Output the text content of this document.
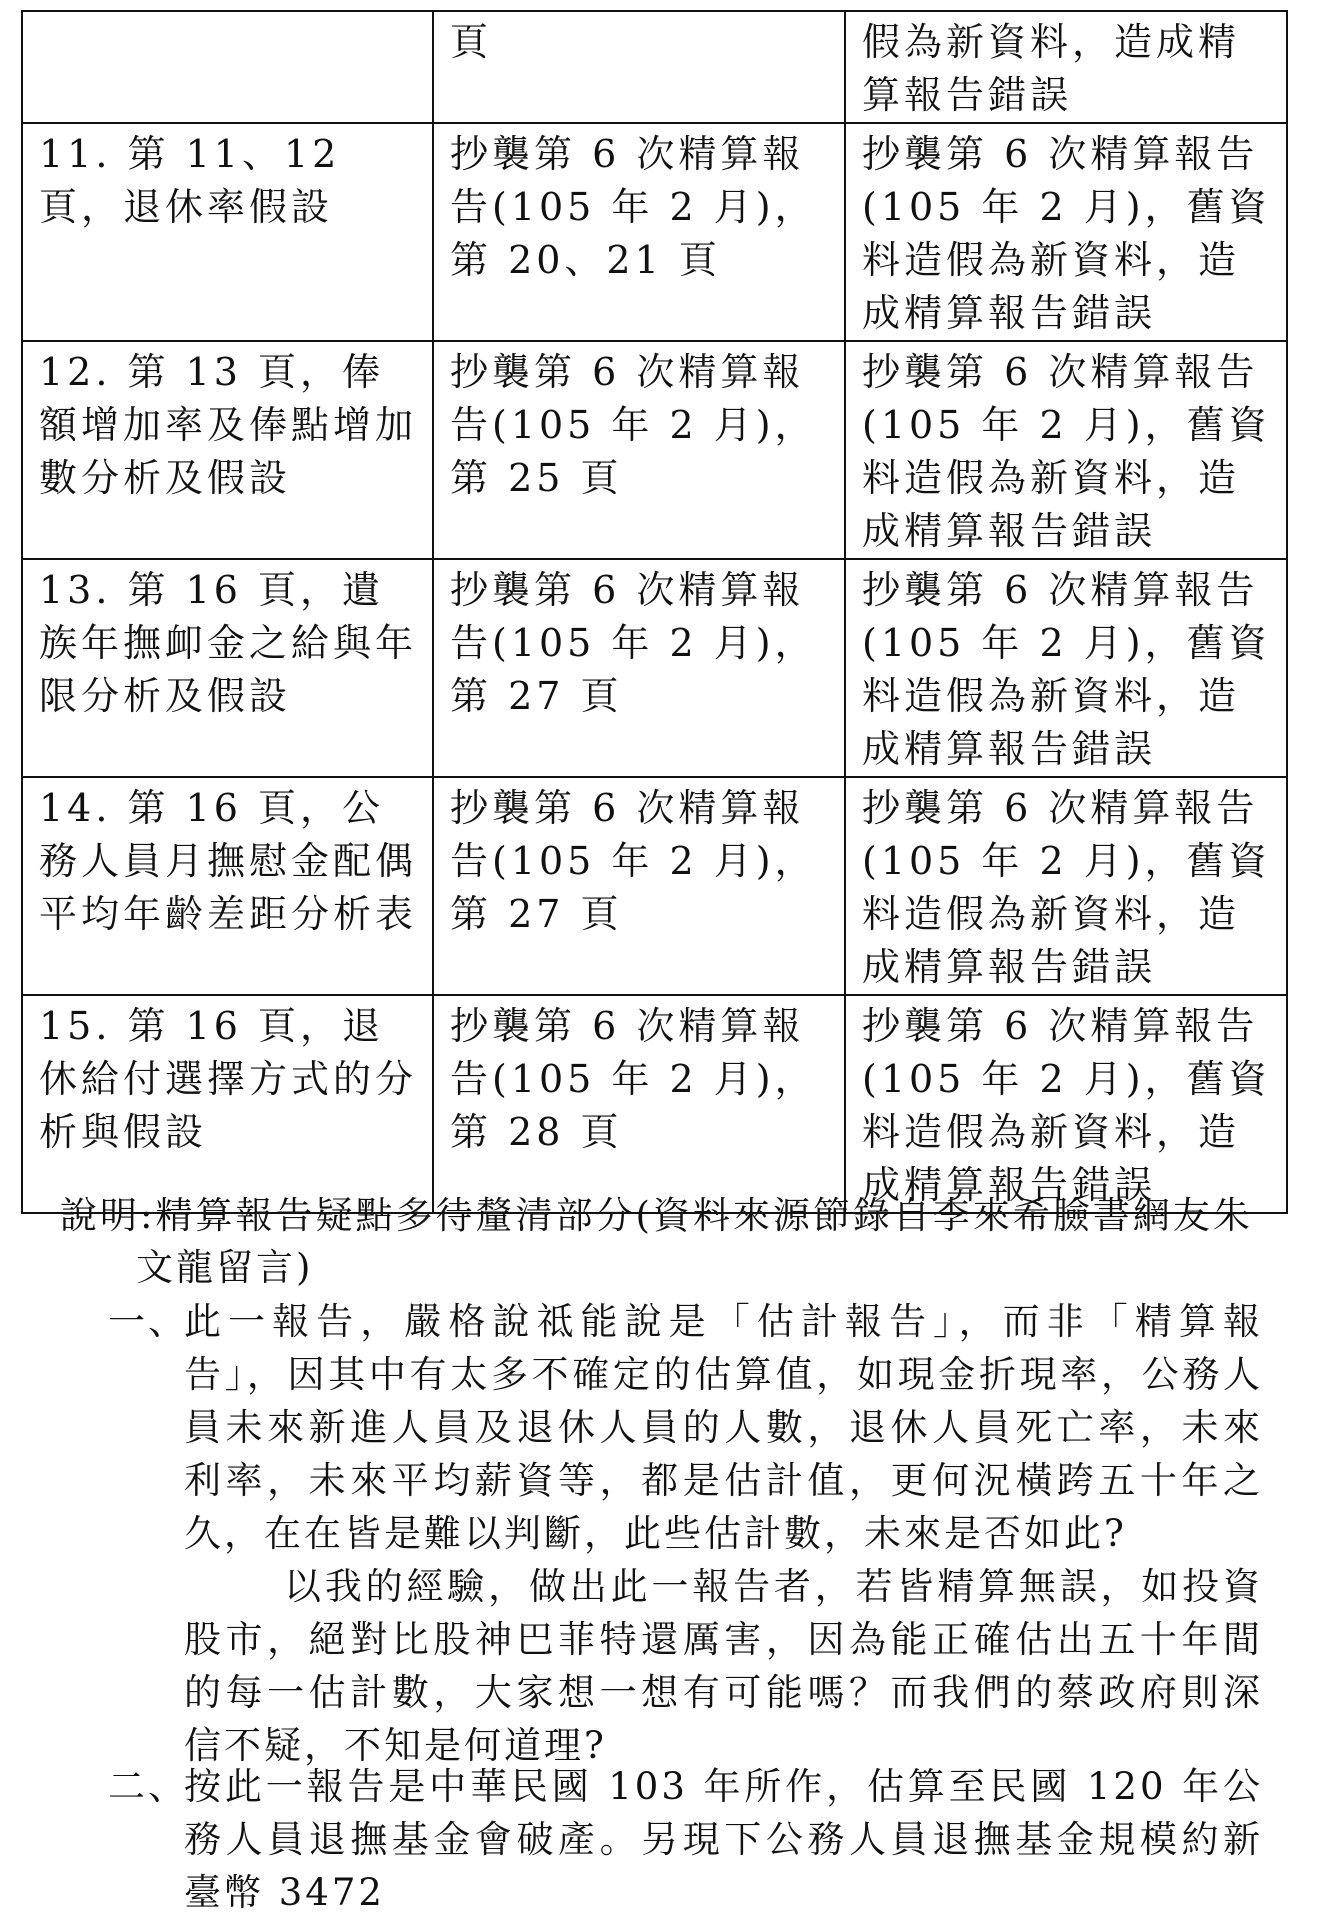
	頁	假為新資料，造成精算報告錯誤
11. 第 11、12 頁，退休率假設	抄襲第 6 次精算報告(105 年 2 月)，第 20、21 頁	抄襲第 6 次精算報告(105 年 2 月)，舊資料造假為新資料，造成精算報告錯誤
12. 第 13 頁，俸額增加率及俸點增加數分析及假設	抄襲第 6 次精算報告(105 年 2 月)，第 25 頁	抄襲第 6 次精算報告(105 年 2 月)，舊資料造假為新資料，造成精算報告錯誤
13. 第 16 頁，遺族年撫卹金之給與年限分析及假設	抄襲第 6 次精算報告(105 年 2 月)，第 27 頁	抄襲第 6 次精算報告(105 年 2 月)，舊資料造假為新資料，造成精算報告錯誤
14. 第 16 頁，公務人員月撫慰金配偶平均年齡差距分析表	抄襲第 6 次精算報告(105 年 2 月)，第 27 頁	抄襲第 6 次精算報告(105 年 2 月)，舊資料造假為新資料，造成精算報告錯誤
15. 第 16 頁，退休給付選擇方式的分析與假設	抄襲第 6 次精算報告(105 年 2 月)，第 28 頁	抄襲第 6 次精算報告(105 年 2 月)，舊資料造假為新資料，造成精算報告錯誤
說明:精算報告疑點多待釐清部分(資料來源節錄自李來希臉書網友朱
文龍留言)
一、

此一報告，嚴格說祗能說是「估計報告」，而非「精算報告」，因其中有太多不確定的估算值，如現金折現率，公務人員未來新進人員及退休人員的人數，退休人員死亡率，未來利率，未來平均薪資等，都是估計值，更何況橫跨五十年之久，在在皆是難以判斷，此些估計數，未來是否如此?

以我的經驗，做出此一報告者，若皆精算無誤，如投資股市，絕對比股神巴菲特還厲害，因為能正確估出五十年間的每一估計數，大家想一想有可能嗎？而我們的蔡政府則深信不疑，不知是何道理?

二、

按此一報告是中華民國 103 年所作，估算至民國 120 年公務人員退撫基金會破產。另現下公務人員退撫基金規模約新臺幣 3472
